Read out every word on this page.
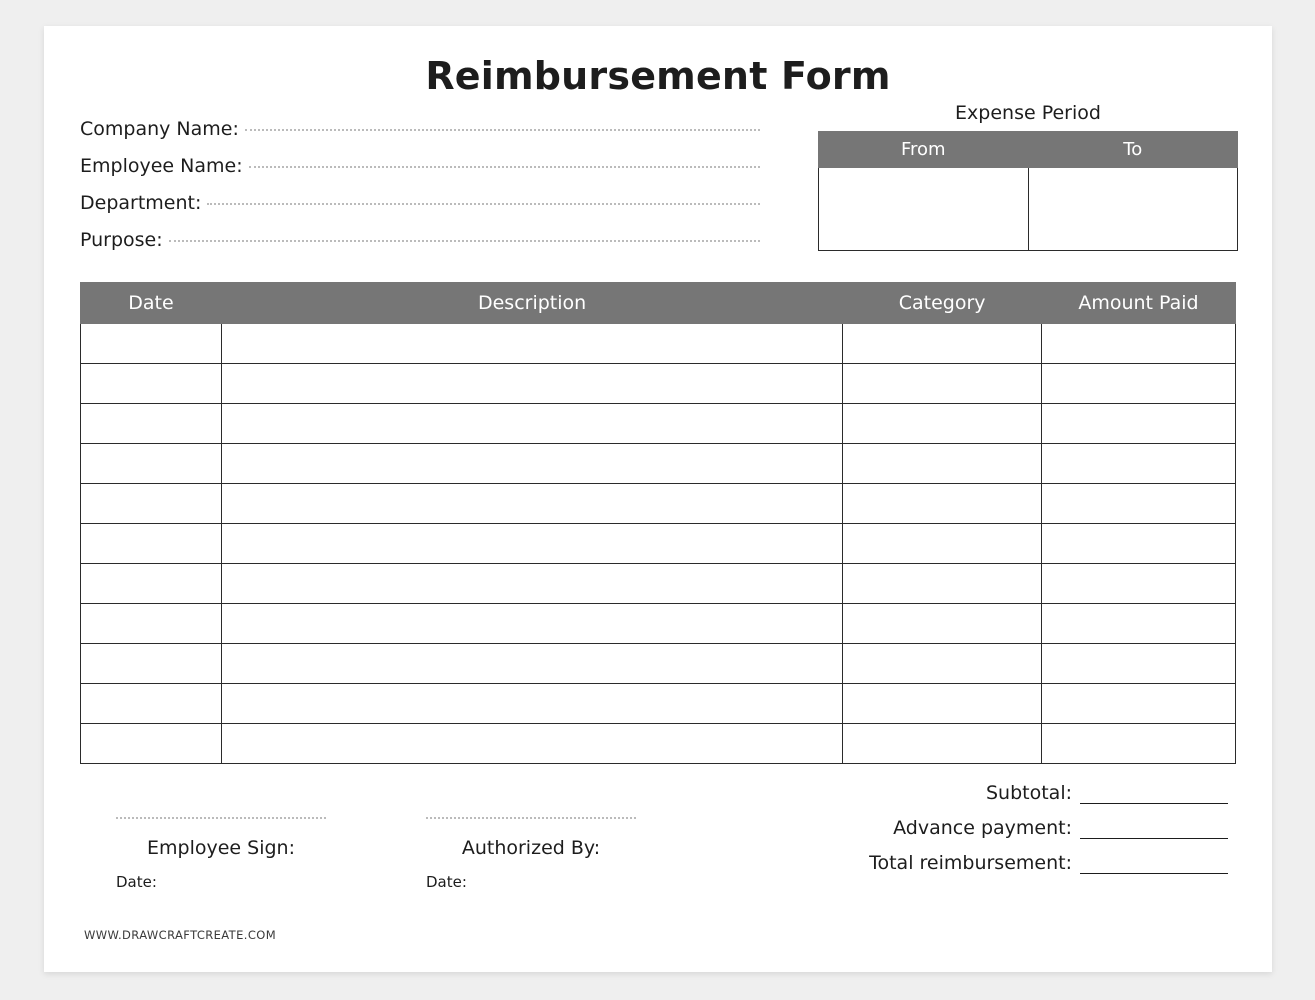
Reimbursement Form
Company Name:
Employee Name:
Department:
Purpose:
Expense Period
From	To

Date	Description	Category	Amount Paid

Subtotal:
Advance payment:
Total reimbursement:
Employee Sign:
Date:
Authorized By:
Date:
WWW.DRAWCRAFTCREATE.COM
